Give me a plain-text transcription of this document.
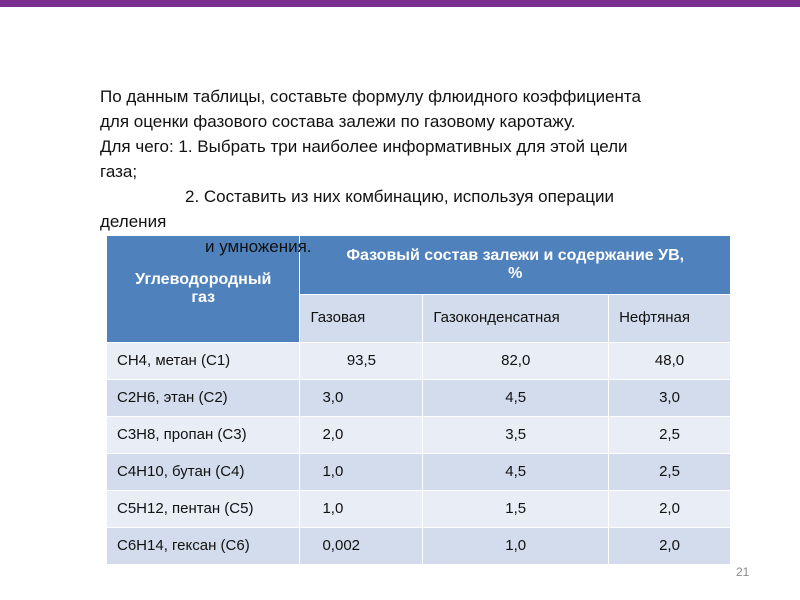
По данным таблицы, составьте формулу флюидного коэффициента
для оценки фазового состава залежи по газовому каротажу.
Для чего: 1. Выбрать три наиболее информативных для этой цели
газа;
2. Составить из них комбинацию, используя операции
деления
Углеводородный газ	Фазовый состав залежи и содержание УВ, %		
	Газовая	Газоконденсатная	Нефтяная
CH4, метан (С1)	93,5	82,0	48,0
C2H6, этан (С2)	3,0	4,5	3,0
C3H8, пропан (С3)	2,0	3,5	2,5
C4H10, бутан (С4)	1,0	4,5	2,5
C5H12, пентан (С5)	1,0	1,5	2,0
C6H14, гексан (С6)	0,002	1,0	2,0
и умножения.
21
